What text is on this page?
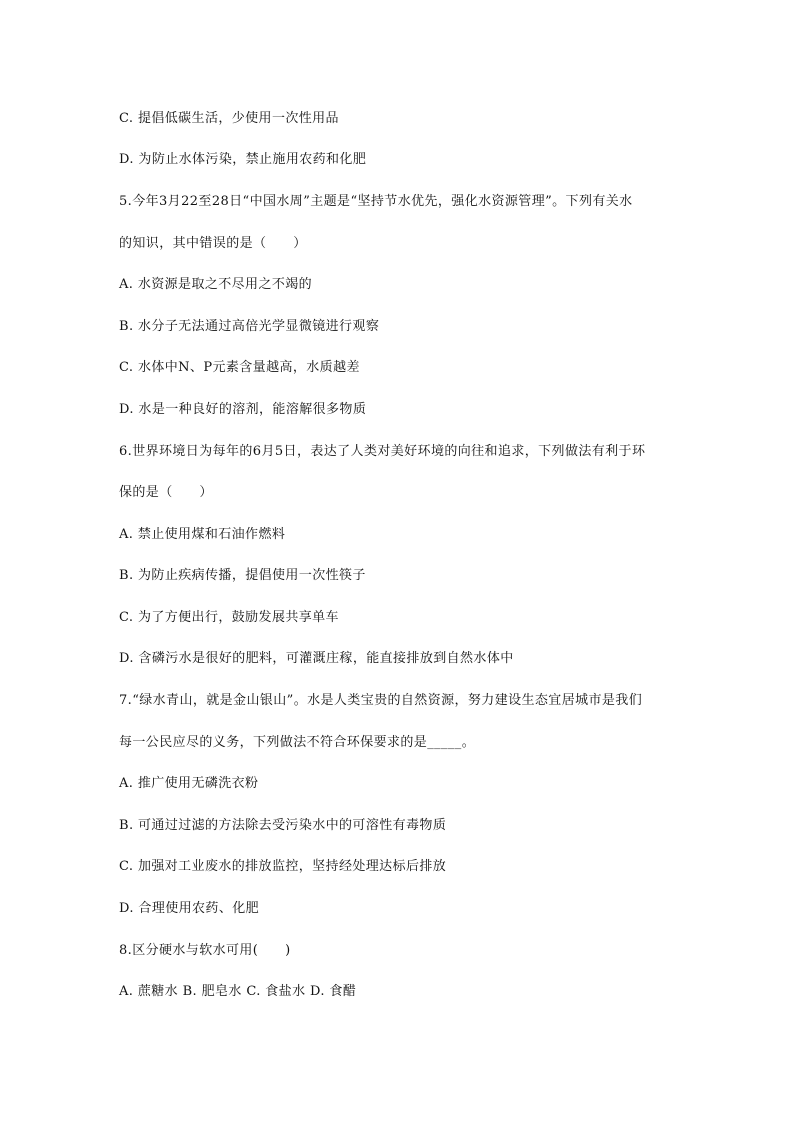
C. 提倡低碳生活，少使用一次性用品
D. 为防止水体污染，禁止施用农药和化肥
5.今年3月22至28日“中国水周”主题是“坚持节水优先，强化水资源管理”。下列有关水
的知识，其中错误的是（　　）
A. 水资源是取之不尽用之不竭的
B. 水分子无法通过高倍光学显微镜进行观察
C. 水体中N、P元素含量越高，水质越差
D. 水是一种良好的溶剂，能溶解很多物质
6.世界环境日为每年的6月5日，表达了人类对美好环境的向往和追求，下列做法有利于环
保的是（　　）
A. 禁止使用煤和石油作燃料
B. 为防止疾病传播，提倡使用一次性筷子
C. 为了方便出行，鼓励发展共享单车
D. 含磷污水是很好的肥料，可灌溉庄稼，能直接排放到自然水体中
7.“绿水青山，就是金山银山”。水是人类宝贵的自然资源，努力建设生态宜居城市是我们
每一公民应尽的义务，下列做法不符合环保要求的是_____。
A. 推广使用无磷洗衣粉
B. 可通过过滤的方法除去受污染水中的可溶性有毒物质
C. 加强对工业废水的排放监控，坚持经处理达标后排放
D. 合理使用农药、化肥
8.区分硬水与软水可用(　　)
A. 蔗糖水 B. 肥皂水 C. 食盐水 D. 食醋
